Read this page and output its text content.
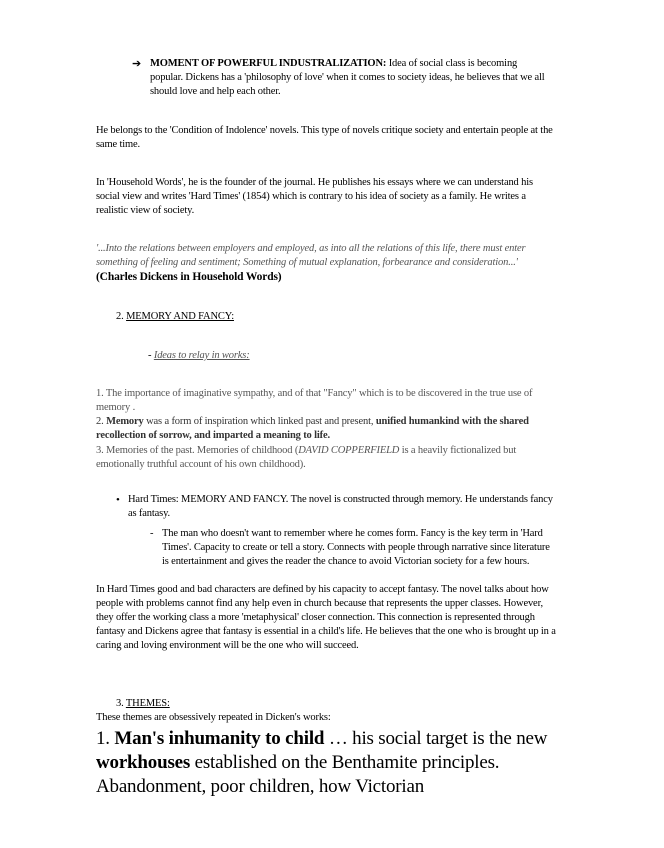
➔ MOMENT OF POWERFUL INDUSTRALIZATION: Idea of social class is becoming popular. Dickens has a 'philosophy of love' when it comes to society ideas, he believes that we all should love and help each other.

He belongs to the 'Condition of Indolence' novels. This type of novels critique society and entertain people at the same time.

In 'Household Words', he is the founder of the journal. He publishes his essays where we can understand his social view and writes 'Hard Times' (1854) which is contrary to his idea of society as a family. He writes a realistic view of society.

'...Into the relations between employers and employed, as into all the relations of this life, there must enter something of feeling and sentiment; Something of mutual explanation, forbearance and consideration...' (Charles Dickens in Household Words)

2. MEMORY AND FANCY:

- Ideas to relay in works:

1. The importance of imaginative sympathy, and of that "Fancy" which is to be discovered in the true use of memory .

2. Memory was a form of inspiration which linked past and present, unified humankind with the shared recollection of sorrow, and imparted a meaning to life.

3. Memories of the past. Memories of childhood (DAVID COPPERFIELD is a heavily fictionalized but emotionally truthful account of his own childhood).

• Hard Times: MEMORY AND FANCY. The novel is constructed through memory. He understands fancy as fantasy.

- The man who doesn't want to remember where he comes form. Fancy is the key term in 'Hard Times'. Capacity to create or tell a story. Connects with people through narrative since literature is entertainment and gives the reader the chance to avoid Victorian society for a few hours.

In Hard Times good and bad characters are defined by his capacity to accept fantasy. The novel talks about how people with problems cannot find any help even in church because that represents the upper classes. However, they offer the working class a more 'metaphysical' closer connection. This connection is represented through fantasy and Dickens agree that fantasy is essential in a child's life. He believes that the one who is brought up in a caring and loving environment will be the one who will succeed.

3. THEMES:

These themes are obsessively repeated in Dicken's works:

1. Man's inhumanity to child … his social target is the new workhouses established on the Benthamite principles. Abandonment, poor children, how Victorian
